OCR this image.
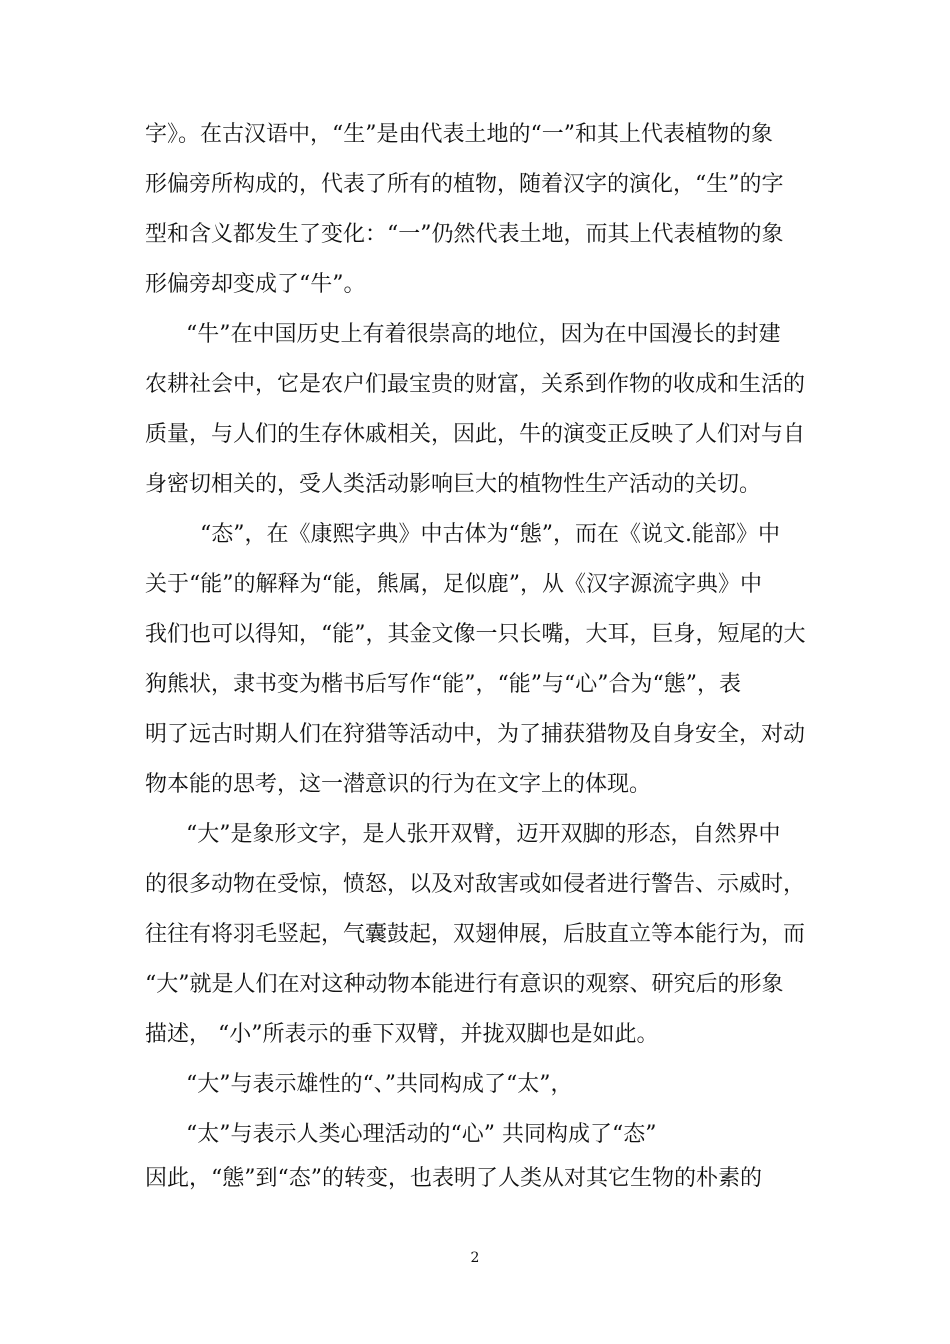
字》。在古汉语中，“生”是由代表土地的“一”和其上代表植物的象
形偏旁所构成的，代表了所有的植物，随着汉字的演化，“生”的字
型和含义都发生了变化：“一”仍然代表土地，而其上代表植物的象
形偏旁却变成了“牛”。
“牛”在中国历史上有着很崇高的地位，因为在中国漫长的封建
农耕社会中，它是农户们最宝贵的财富，关系到作物的收成和生活的
质量，与人们的生存休戚相关，因此，牛的演变正反映了人们对与自
身密切相关的，受人类活动影响巨大的植物性生产活动的关切。
“态”，在《康熙字典》中古体为“態”，而在《说文.能部》中
关于“能”的解释为“能，熊属，足似鹿”，从《汉字源流字典》中
我们也可以得知，“能”，其金文像一只长嘴，大耳，巨身，短尾的大
狗熊状，隶书变为楷书后写作“能”，“能”与“心”合为“態”，表
明了远古时期人们在狩猎等活动中，为了捕获猎物及自身安全，对动
物本能的思考，这一潜意识的行为在文字上的体现。
“大”是象形文字，是人张开双臂，迈开双脚的形态，自然界中
的很多动物在受惊，愤怒，以及对敌害或如侵者进行警告、示威时，
往往有将羽毛竖起，气囊鼓起，双翅伸展，后肢直立等本能行为，而
“大”就是人们在对这种动物本能进行有意识的观察、研究后的形象
描述， “小”所表示的垂下双臂，并拢双脚也是如此。
“大”与表示雄性的“、”共同构成了“太”，
“太”与表示人类心理活动的“心” 共同构成了“态”
因此，“態”到“态”的转变，也表明了人类从对其它生物的朴素的
2
